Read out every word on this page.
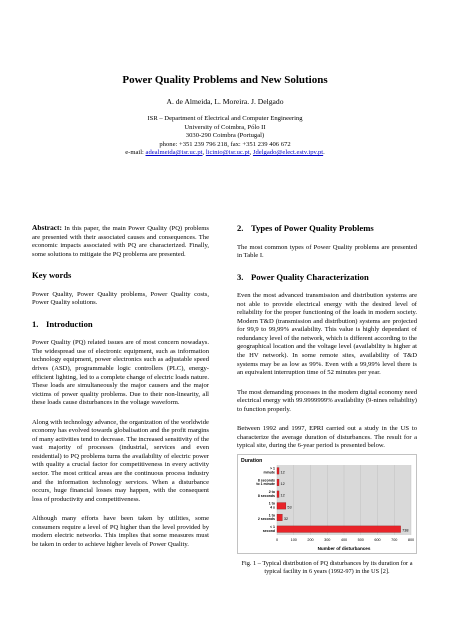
Power Quality Problems and New Solutions
A. de Almeida, L. Moreira. J. Delgado
ISR – Department of Electrical and Computer Engineering
University of Coimbra, Pólo II
3030-290 Coimbra (Portugal)
phone: +351 239 796 218, fax: +351 239 406 672
e-mail: adealmeida@isr.uc.pt, licinio@isr.uc.pt, Jdelgado@elect.estv.ipv.pt.
Abstract: In this paper, the main Power Quality (PQ) problems are presented with their associated causes and consequences. The economic impacts associated with PQ are characterized. Finally, some solutions to mitigate the PQ problems are presented.
Key words
Power Quality, Power Quality problems, Power Quality costs, Power Quality solutions.
1. Introduction
Power Quality (PQ) related issues are of most concern nowadays. The widespread use of electronic equipment, such as information technology equipment, power electronics such as adjustable speed drives (ASD), programmable logic controllers (PLC), energy-efficient lighting, led to a complete change of electric loads nature. These loads are simultaneously the major causers and the major victims of power quality problems. Due to their non-linearity, all these loads cause disturbances in the voltage waveform.
Along with technology advance, the organization of the worldwide economy has evolved towards globalisation and the profit margins of many activities tend to decrease. The increased sensitivity of the vast majority of processes (industrial, services and even residential) to PQ problems turns the availability of electric power with quality a crucial factor for competitiveness in every activity sector. The most critical areas are the continuous process industry and the information technology services. When a disturbance occurs, huge financial losses may happen, with the consequent loss of productivity and competitiveness.
Although many efforts have been taken by utilities, some consumers require a level of PQ higher than the level provided by modern electric networks. This implies that some measures must be taken in order to achieve higher levels of Power Quality.
2. Types of Power Quality Problems
The most common types of Power Quality problems are presented in Table I.
3. Power Quality Characterization
Even the most advanced transmission and distribution systems are not able to provide electrical energy with the desired level of reliability for the proper functioning of the loads in modern society. Modern T&D (transmission and distribution) systems are projected for 99,9 to 99,99% availability. This value is highly dependant of redundancy level of the network, which is different according to the geographical location and the voltage level (availability is higher at the HV network). In some remote sites, availability of T&D systems may be as low as 99%. Even with a 99,99% level there is an equivalent interruption time of 52 minutes per year.
The most demanding processes in the modern digital economy need electrical energy with 99.9999999% availability (9-nines reliability) to function properly.
Between 1992 and 1997, EPRI carried out a study in the US to characterize the average duration of disturbances. The result for a typical site, during the 6-year period is presented below.
Duration
0	100	200	300	400	500	600	700	800
12
> 1 minute
12
8 seconds to 1 minute
12
2 to 8 seconds
53
1 to 4 s
32
1 to 2 seconds
738
< 1 second
Number of disturbances
Fig. 1 – Typical distribution of PQ disturbances by its duration for a typical facility in 6 years (1992-97) in the US [2].
